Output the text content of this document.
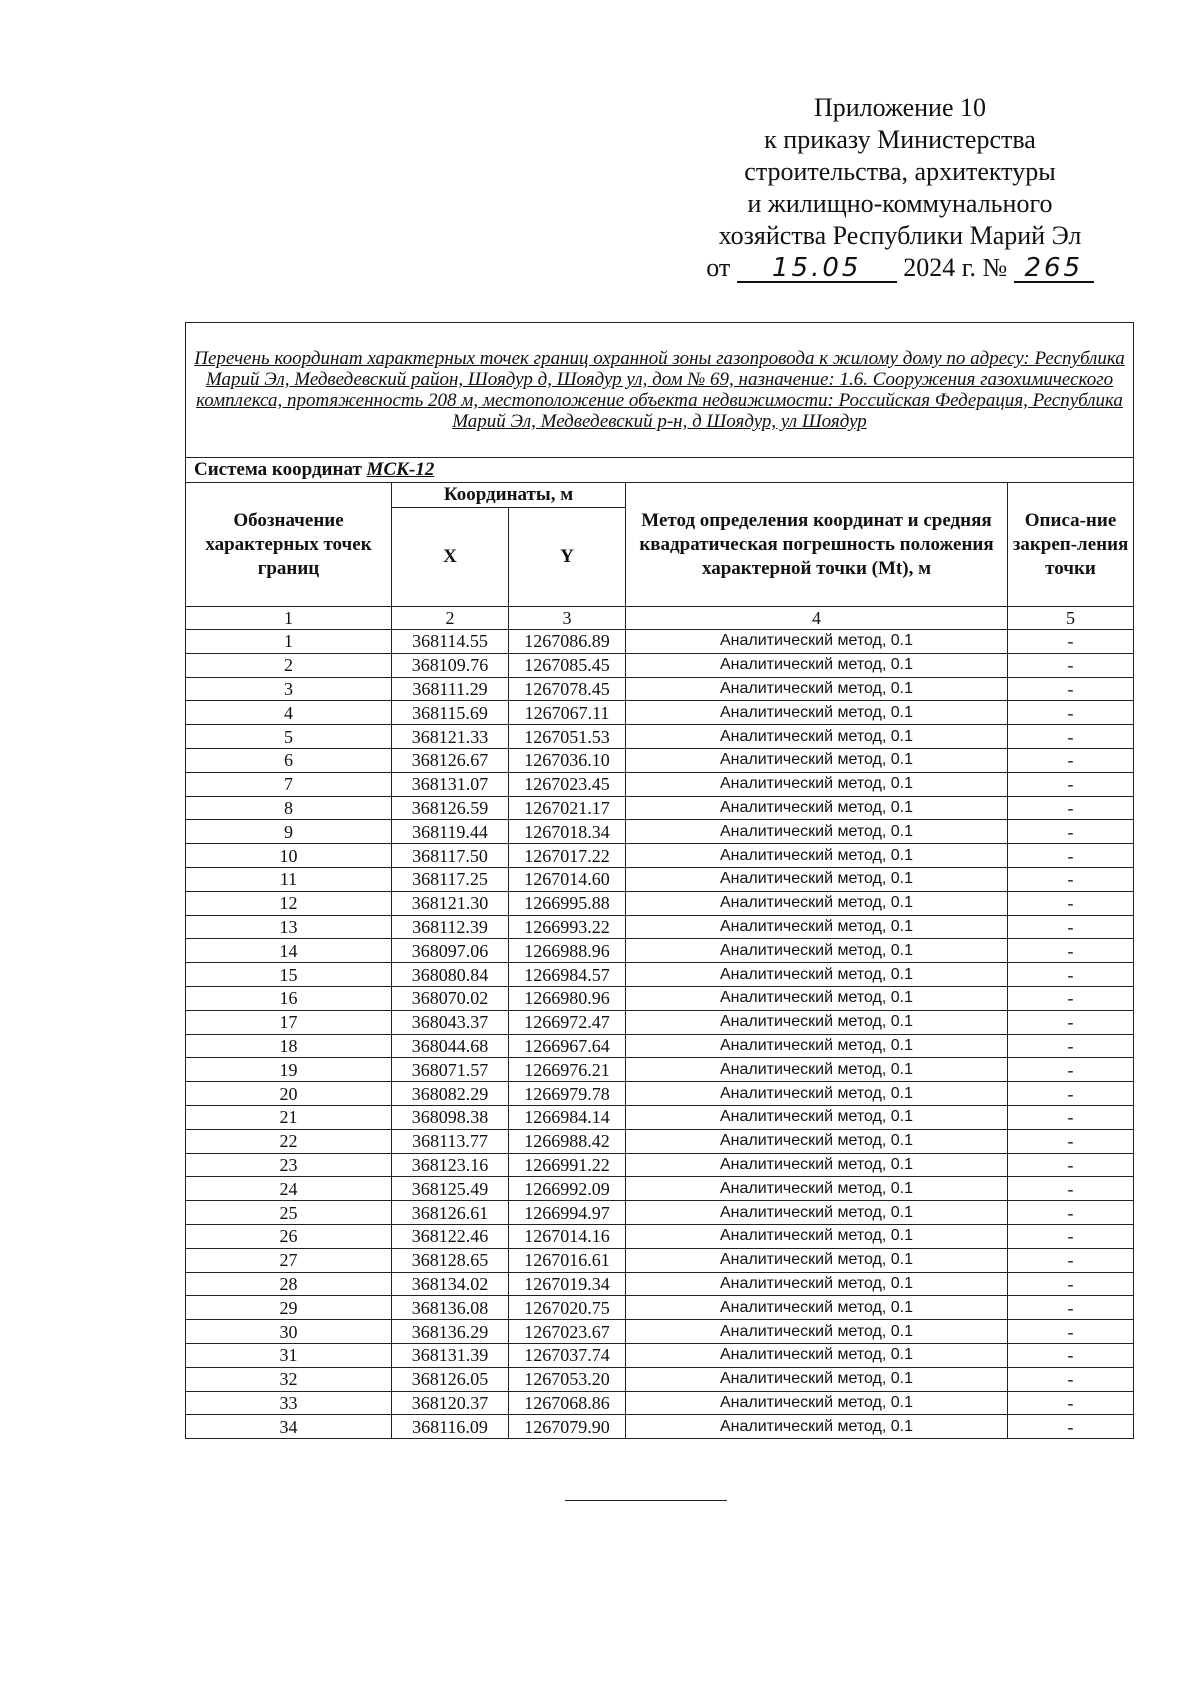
Приложение 10
к приказу Министерства
строительства, архитектуры
и жилищно-коммунального
хозяйства Республики Марий Эл
от 15.05 2024 г. № 265
Перечень координат характерных точек границ охранной зоны газопровода к жилому дому по адресу: Республика Марий Эл, Медведевский район, Шоядур д, Шоядур ул, дом № 69, назначение: 1.6. Сооружения газохимического комплекса, протяженность 208 м, местоположение объекта недвижимости: Российская Федерация, Республика Марий Эл, Медведевский р-н, д Шоядур, ул Шоядур				
Система координат МСК-12				
Обозначение характерных точек границ	Координаты, м		Метод определения координат и средняя квадратическая погрешность положения характерной точки (Mt), м	Описа-ние закреп-ления точки
	X	Y		
1	2	3	4	5
1	368114.55	1267086.89	Аналитический метод, 0.1	-
2	368109.76	1267085.45	Аналитический метод, 0.1	-
3	368111.29	1267078.45	Аналитический метод, 0.1	-
4	368115.69	1267067.11	Аналитический метод, 0.1	-
5	368121.33	1267051.53	Аналитический метод, 0.1	-
6	368126.67	1267036.10	Аналитический метод, 0.1	-
7	368131.07	1267023.45	Аналитический метод, 0.1	-
8	368126.59	1267021.17	Аналитический метод, 0.1	-
9	368119.44	1267018.34	Аналитический метод, 0.1	-
10	368117.50	1267017.22	Аналитический метод, 0.1	-
11	368117.25	1267014.60	Аналитический метод, 0.1	-
12	368121.30	1266995.88	Аналитический метод, 0.1	-
13	368112.39	1266993.22	Аналитический метод, 0.1	-
14	368097.06	1266988.96	Аналитический метод, 0.1	-
15	368080.84	1266984.57	Аналитический метод, 0.1	-
16	368070.02	1266980.96	Аналитический метод, 0.1	-
17	368043.37	1266972.47	Аналитический метод, 0.1	-
18	368044.68	1266967.64	Аналитический метод, 0.1	-
19	368071.57	1266976.21	Аналитический метод, 0.1	-
20	368082.29	1266979.78	Аналитический метод, 0.1	-
21	368098.38	1266984.14	Аналитический метод, 0.1	-
22	368113.77	1266988.42	Аналитический метод, 0.1	-
23	368123.16	1266991.22	Аналитический метод, 0.1	-
24	368125.49	1266992.09	Аналитический метод, 0.1	-
25	368126.61	1266994.97	Аналитический метод, 0.1	-
26	368122.46	1267014.16	Аналитический метод, 0.1	-
27	368128.65	1267016.61	Аналитический метод, 0.1	-
28	368134.02	1267019.34	Аналитический метод, 0.1	-
29	368136.08	1267020.75	Аналитический метод, 0.1	-
30	368136.29	1267023.67	Аналитический метод, 0.1	-
31	368131.39	1267037.74	Аналитический метод, 0.1	-
32	368126.05	1267053.20	Аналитический метод, 0.1	-
33	368120.37	1267068.86	Аналитический метод, 0.1	-
34	368116.09	1267079.90	Аналитический метод, 0.1	-
